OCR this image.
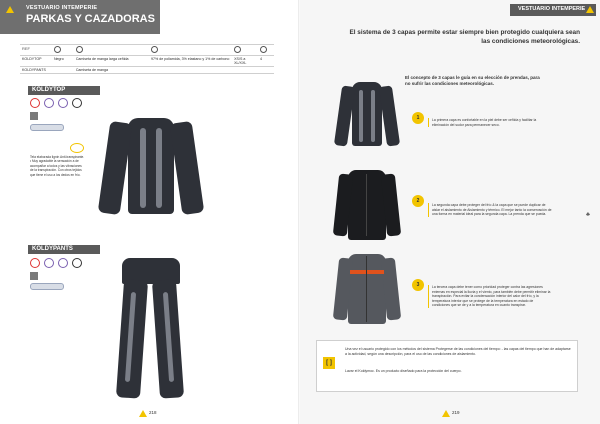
VESTUARIO INTEMPERIE
PARKAS Y CAZADORAS
REF					
KOLDYTOP	Negro	Camiseta de manga larga ceñida	97% de poliamida, 3% elastano y 1% de carbono	XS/S a XL/XXL	4
KOLDYPANTS		Camiseta de manga			
KOLDYTOP
Tela elaborada lignin Anti-transpirante. • Muy agradable la sensación a de acompañar a todos y las vibraciones de la transpiración. Con otros tejidos que tiene el uso a los dedos en frío.
KOLDYPANTS
218
VESTUARIO INTEMPERIE
El sistema de 3 capas permite estar siempre bien protegido cualquiera sean las condiciones meteorológicas.
El concepto de 3 capas le guía en su elección de prendas, para no sufrir las condiciones meteorológicas.
1	La primera capa es confortable en la piel debe ser ceñida y facilitar la eliminación del sudor para permanecer seco.
2
La segunda capa debe proteger del frío & la capa que se puede duplicar de aislar el aislamiento de Aislamiento y térmico. El mejor tanto la conservación de una forma en material ideal para la segunda capa. La prenda que se pueda.
3	La tercera capa debe tener como prioridad proteger contra las agresiones externas en especial la lluvia y el viento, para también debe permitir eliminar la transpiración. Para evitar la condensación interior del calor del frío, y la temperatura interior que se protege de la temperatura en estado de condiciones que se de y a la temperatura en cuanto transpirar.
[ ]
Una vez el usuario protegido con los métodos del sistema Protegerse de las condiciones del tiempo: - las capas del tiempo que han de adaptarse a la actividad, según una descripción, para el uso de las condiciones de aislamiento.
Lavar el Koldymoc. Es un producto diseñado para la protección del cuerpo.
♣
219
